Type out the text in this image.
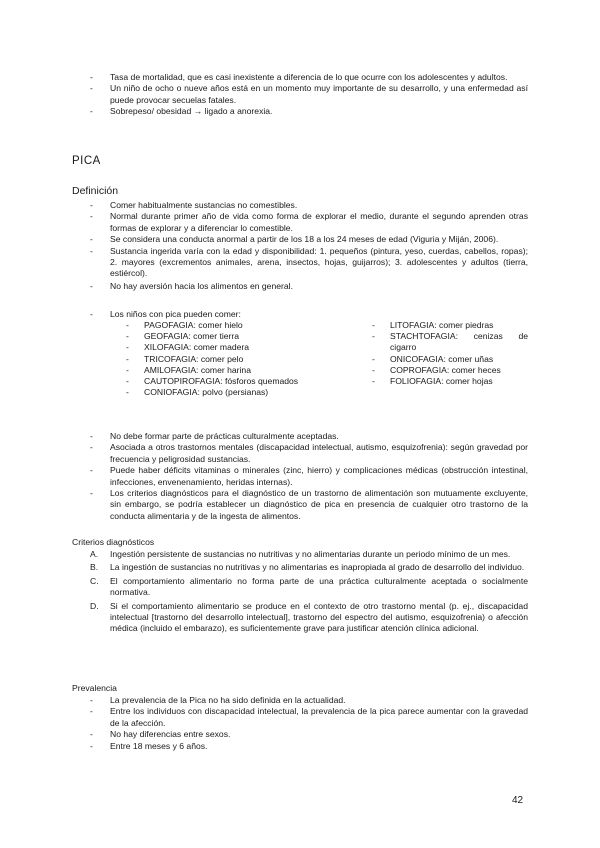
- Tasa de mortalidad, que es casi inexistente a diferencia de lo que ocurre con los adolescentes y adultos.
- Un niño de ocho o nueve años está en un momento muy importante de su desarrollo, y una enfermedad así puede provocar secuelas fatales.
- Sobrepeso/ obesidad → ligado a anorexia.
PICA
Definición
- Comer habitualmente sustancias no comestibles.
- Normal durante primer año de vida como forma de explorar el medio, durante el segundo aprenden otras formas de explorar y a diferenciar lo comestible.
- Se considera una conducta anormal a partir de los 18 a los 24 meses de edad (Viguria y Miján, 2006).
- Sustancia ingerida varía con la edad y disponibilidad: 1. pequeños (pintura, yeso, cuerdas, cabellos, ropas); 2. mayores (excrementos animales, arena, insectos, hojas, guijarros); 3. adolescentes y adultos (tierra, estiércol).
- No hay aversión hacia los alimentos en general.
- Los niños con pica pueden comer:
- PAGOFAGIA: comer hielo
- GEOFAGIA: comer tierra
- XILOFAGIA: comer madera
- TRICOFAGIA: comer pelo
- AMILOFAGIA: comer harina
- CAUTOPIROFAGIA: fósforos quemados
- CONIOFAGIA: polvo (persianas)
- LITOFAGIA: comer piedras
- STACHTOFAGIA: cenizas de cigarro
- ONICOFAGIA: comer uñas
- COPROFAGIA: comer heces
- FOLIOFAGIA: comer hojas
- No debe formar parte de prácticas culturalmente aceptadas.
- Asociada a otros trastornos mentales (discapacidad intelectual, autismo, esquizofrenia): según gravedad por frecuencia y peligrosidad sustancias.
- Puede haber déficits vitaminas o minerales (zinc, hierro) y complicaciones médicas (obstrucción intestinal, infecciones, envenenamiento, heridas internas).
- Los criterios diagnósticos para el diagnóstico de un trastorno de alimentación son mutuamente excluyente, sin embargo, se podría establecer un diagnóstico de pica en presencia de cualquier otro trastorno de la conducta alimentaria y de la ingesta de alimentos.
Criterios diagnósticos
A. Ingestión persistente de sustancias no nutritivas y no alimentarias durante un periodo mínimo de un mes.
B. La ingestión de sustancias no nutritivas y no alimentarias es inapropiada al grado de desarrollo del individuo.
C. El comportamiento alimentario no forma parte de una práctica culturalmente aceptada o socialmente normativa.
D. Si el comportamiento alimentario se produce en el contexto de otro trastorno mental (p. ej., discapacidad intelectual [trastorno del desarrollo intelectual], trastorno del espectro del autismo, esquizofrenia) o afección médica (incluido el embarazo), es suficientemente grave para justificar atención clínica adicional.
Prevalencia
- La prevalencia de la Pica no ha sido definida en la actualidad.
- Entre los individuos con discapacidad intelectual, la prevalencia de la pica parece aumentar con la gravedad de la afección.
- No hay diferencias entre sexos.
- Entre 18 meses y 6 años.
42
